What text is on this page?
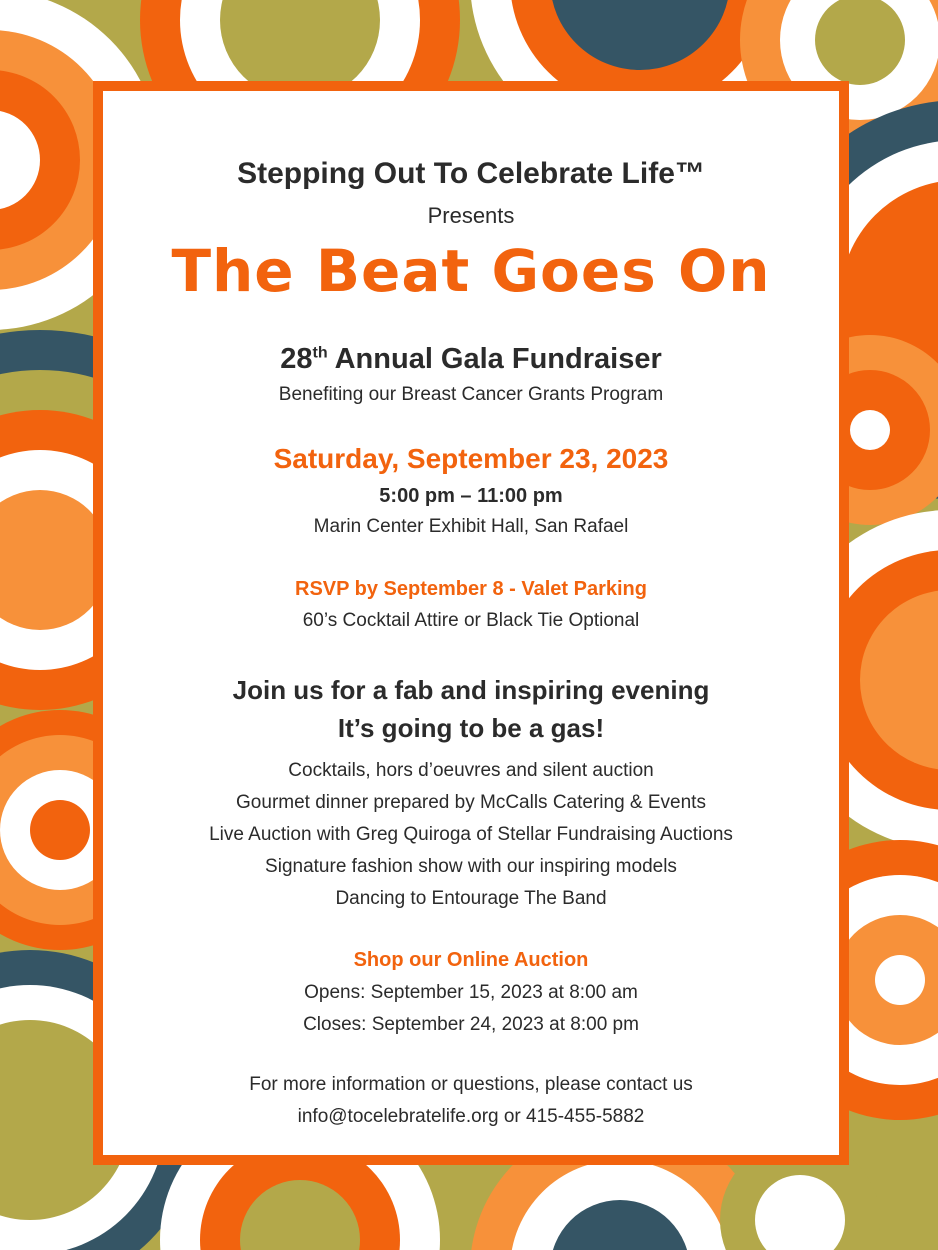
Stepping Out To Celebrate Life™
Presents
The Beat Goes On
28th Annual Gala Fundraiser
Benefiting our Breast Cancer Grants Program
Saturday, September 23, 2023
5:00 pm – 11:00 pm
Marin Center Exhibit Hall, San Rafael
RSVP by September 8 - Valet Parking
60’s Cocktail Attire or Black Tie Optional
Join us for a fab and inspiring evening
It’s going to be a gas!
Cocktails, hors d’oeuvres and silent auction
Gourmet dinner prepared by McCalls Catering & Events
Live Auction with Greg Quiroga of Stellar Fundraising Auctions
Signature fashion show with our inspiring models
Dancing to Entourage The Band
Shop our Online Auction
Opens: September 15, 2023 at 8:00 am
Closes: September 24, 2023 at 8:00 pm
For more information or questions, please contact us
info@tocelebratelife.org or 415-455-5882
